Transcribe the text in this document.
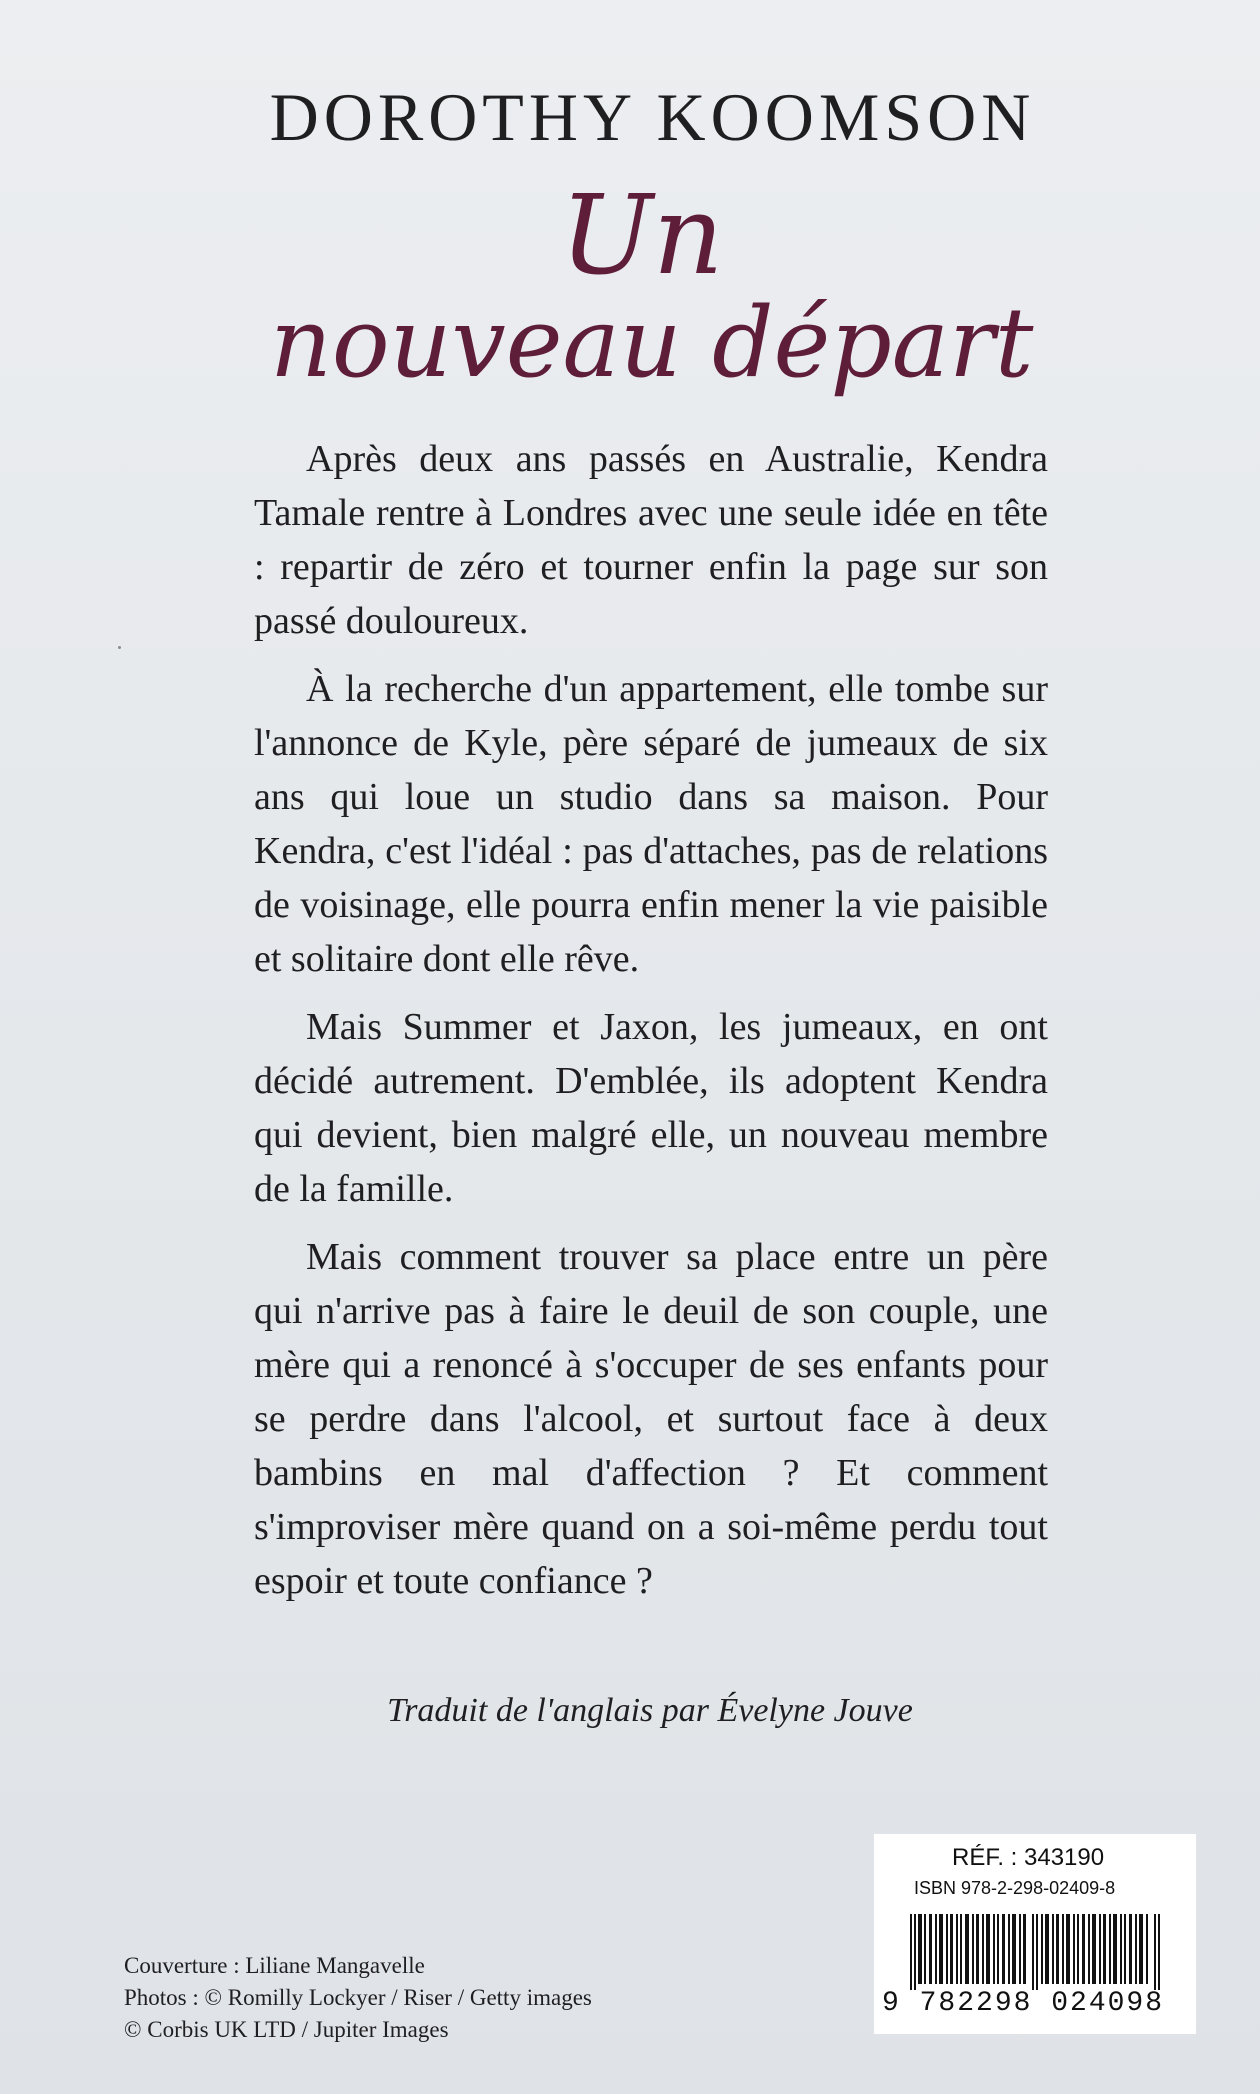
DOROTHY KOOMSON
Un
nouveau départ

Après deux ans passés en Australie, Kendra Tamale rentre à Londres avec une seule idée en tête : repartir de zéro et tourner enfin la page sur son passé douloureux.

À la recherche d'un appartement, elle tombe sur l'annonce de Kyle, père séparé de jumeaux de six ans qui loue un studio dans sa maison. Pour Kendra, c'est l'idéal : pas d'attaches, pas de relations de voisinage, elle pourra enfin mener la vie paisible et solitaire dont elle rêve.

Mais Summer et Jaxon, les jumeaux, en ont décidé autrement. D'emblée, ils adoptent Kendra qui devient, bien malgré elle, un nouveau membre de la famille.

Mais comment trouver sa place entre un père qui n'arrive pas à faire le deuil de son couple, une mère qui a renoncé à s'occuper de ses enfants pour se perdre dans l'alcool, et surtout face à deux bambins en mal d'affection ? Et comment s'improviser mère quand on a soi-même perdu tout espoir et toute confiance ?

Traduit de l'anglais par Évelyne Jouve
Couverture : Liliane Mangavelle
Photos : © Romilly Lockyer / Riser / Getty images
© Corbis UK LTD / Jupiter Images
RÉF. : 343190
ISBN 978-2-298-02409-8
9 782298 024098
